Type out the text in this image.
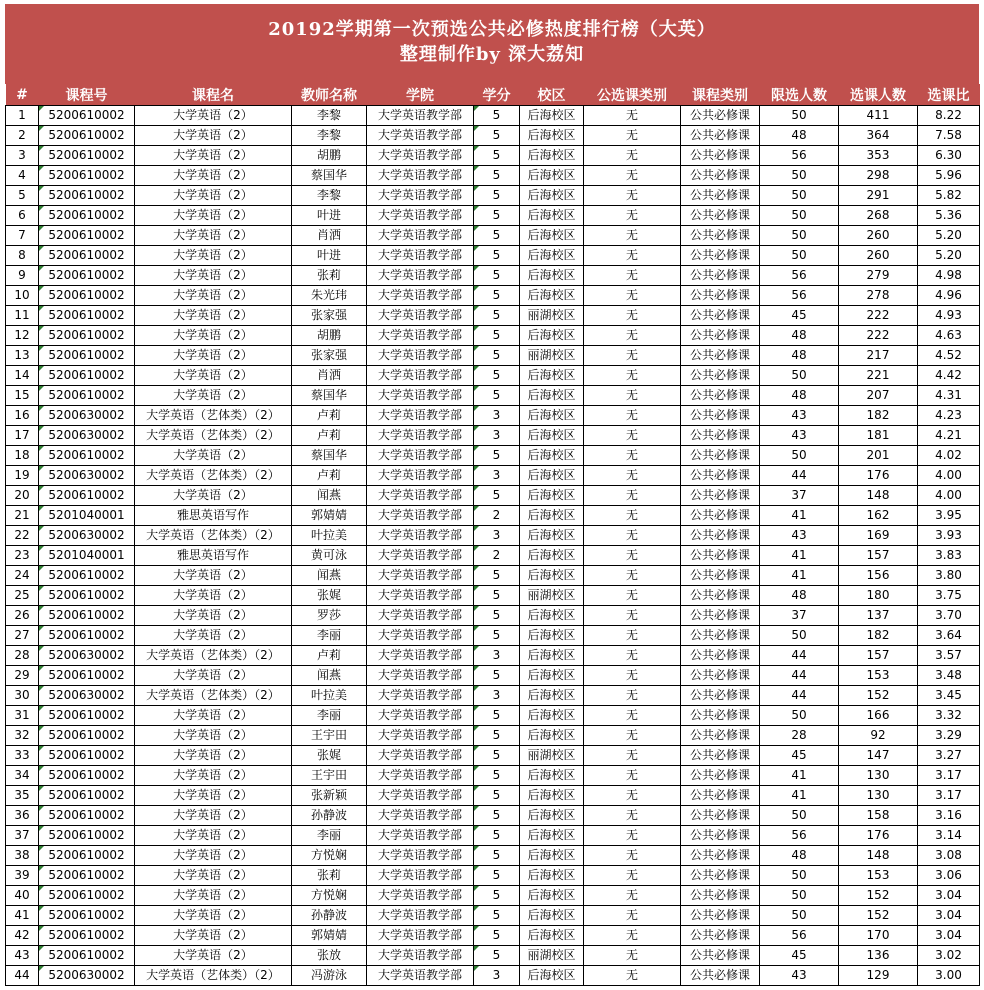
20192学期第一次预选公共必修热度排行榜（大英）
整理制作by 深大荔知
#	课程号	课程名	教师名称	学院	学分	校区	公选课类别	课程类别	限选人数	选课人数	选课比
1	5200610002	大学英语（2）	李黎	大学英语教学部	5	后海校区	无	公共必修课	50	411	8.22
2	5200610002	大学英语（2）	李黎	大学英语教学部	5	后海校区	无	公共必修课	48	364	7.58
3	5200610002	大学英语（2）	胡鹏	大学英语教学部	5	后海校区	无	公共必修课	56	353	6.30
4	5200610002	大学英语（2）	蔡国华	大学英语教学部	5	后海校区	无	公共必修课	50	298	5.96
5	5200610002	大学英语（2）	李黎	大学英语教学部	5	后海校区	无	公共必修课	50	291	5.82
6	5200610002	大学英语（2）	叶进	大学英语教学部	5	后海校区	无	公共必修课	50	268	5.36
7	5200610002	大学英语（2）	肖洒	大学英语教学部	5	后海校区	无	公共必修课	50	260	5.20
8	5200610002	大学英语（2）	叶进	大学英语教学部	5	后海校区	无	公共必修课	50	260	5.20
9	5200610002	大学英语（2）	张莉	大学英语教学部	5	后海校区	无	公共必修课	56	279	4.98
10	5200610002	大学英语（2）	朱光玮	大学英语教学部	5	后海校区	无	公共必修课	56	278	4.96
11	5200610002	大学英语（2）	张家强	大学英语教学部	5	丽湖校区	无	公共必修课	45	222	4.93
12	5200610002	大学英语（2）	胡鹏	大学英语教学部	5	后海校区	无	公共必修课	48	222	4.63
13	5200610002	大学英语（2）	张家强	大学英语教学部	5	丽湖校区	无	公共必修课	48	217	4.52
14	5200610002	大学英语（2）	肖洒	大学英语教学部	5	后海校区	无	公共必修课	50	221	4.42
15	5200610002	大学英语（2）	蔡国华	大学英语教学部	5	后海校区	无	公共必修课	48	207	4.31
16	5200630002	大学英语（艺体类）（2）	卢莉	大学英语教学部	3	后海校区	无	公共必修课	43	182	4.23
17	5200630002	大学英语（艺体类）（2）	卢莉	大学英语教学部	3	后海校区	无	公共必修课	43	181	4.21
18	5200610002	大学英语（2）	蔡国华	大学英语教学部	5	后海校区	无	公共必修课	50	201	4.02
19	5200630002	大学英语（艺体类）（2）	卢莉	大学英语教学部	3	后海校区	无	公共必修课	44	176	4.00
20	5200610002	大学英语（2）	闻燕	大学英语教学部	5	后海校区	无	公共必修课	37	148	4.00
21	5201040001	雅思英语写作	郭婧婧	大学英语教学部	2	后海校区	无	公共必修课	41	162	3.95
22	5200630002	大学英语（艺体类）（2）	叶拉美	大学英语教学部	3	后海校区	无	公共必修课	43	169	3.93
23	5201040001	雅思英语写作	黄可泳	大学英语教学部	2	后海校区	无	公共必修课	41	157	3.83
24	5200610002	大学英语（2）	闻燕	大学英语教学部	5	后海校区	无	公共必修课	41	156	3.80
25	5200610002	大学英语（2）	张娓	大学英语教学部	5	丽湖校区	无	公共必修课	48	180	3.75
26	5200610002	大学英语（2）	罗莎	大学英语教学部	5	后海校区	无	公共必修课	37	137	3.70
27	5200610002	大学英语（2）	李丽	大学英语教学部	5	后海校区	无	公共必修课	50	182	3.64
28	5200630002	大学英语（艺体类）（2）	卢莉	大学英语教学部	3	后海校区	无	公共必修课	44	157	3.57
29	5200610002	大学英语（2）	闻燕	大学英语教学部	5	后海校区	无	公共必修课	44	153	3.48
30	5200630002	大学英语（艺体类）（2）	叶拉美	大学英语教学部	3	后海校区	无	公共必修课	44	152	3.45
31	5200610002	大学英语（2）	李丽	大学英语教学部	5	后海校区	无	公共必修课	50	166	3.32
32	5200610002	大学英语（2）	王宇田	大学英语教学部	5	后海校区	无	公共必修课	28	92	3.29
33	5200610002	大学英语（2）	张娓	大学英语教学部	5	丽湖校区	无	公共必修课	45	147	3.27
34	5200610002	大学英语（2）	王宇田	大学英语教学部	5	后海校区	无	公共必修课	41	130	3.17
35	5200610002	大学英语（2）	张新颖	大学英语教学部	5	后海校区	无	公共必修课	41	130	3.17
36	5200610002	大学英语（2）	孙静波	大学英语教学部	5	后海校区	无	公共必修课	50	158	3.16
37	5200610002	大学英语（2）	李丽	大学英语教学部	5	后海校区	无	公共必修课	56	176	3.14
38	5200610002	大学英语（2）	方悦娴	大学英语教学部	5	后海校区	无	公共必修课	48	148	3.08
39	5200610002	大学英语（2）	张莉	大学英语教学部	5	后海校区	无	公共必修课	50	153	3.06
40	5200610002	大学英语（2）	方悦娴	大学英语教学部	5	后海校区	无	公共必修课	50	152	3.04
41	5200610002	大学英语（2）	孙静波	大学英语教学部	5	后海校区	无	公共必修课	50	152	3.04
42	5200610002	大学英语（2）	郭婧婧	大学英语教学部	5	后海校区	无	公共必修课	56	170	3.04
43	5200610002	大学英语（2）	张放	大学英语教学部	5	丽湖校区	无	公共必修课	45	136	3.02
44	5200630002	大学英语（艺体类）（2）	冯游泳	大学英语教学部	3	后海校区	无	公共必修课	43	129	3.00
